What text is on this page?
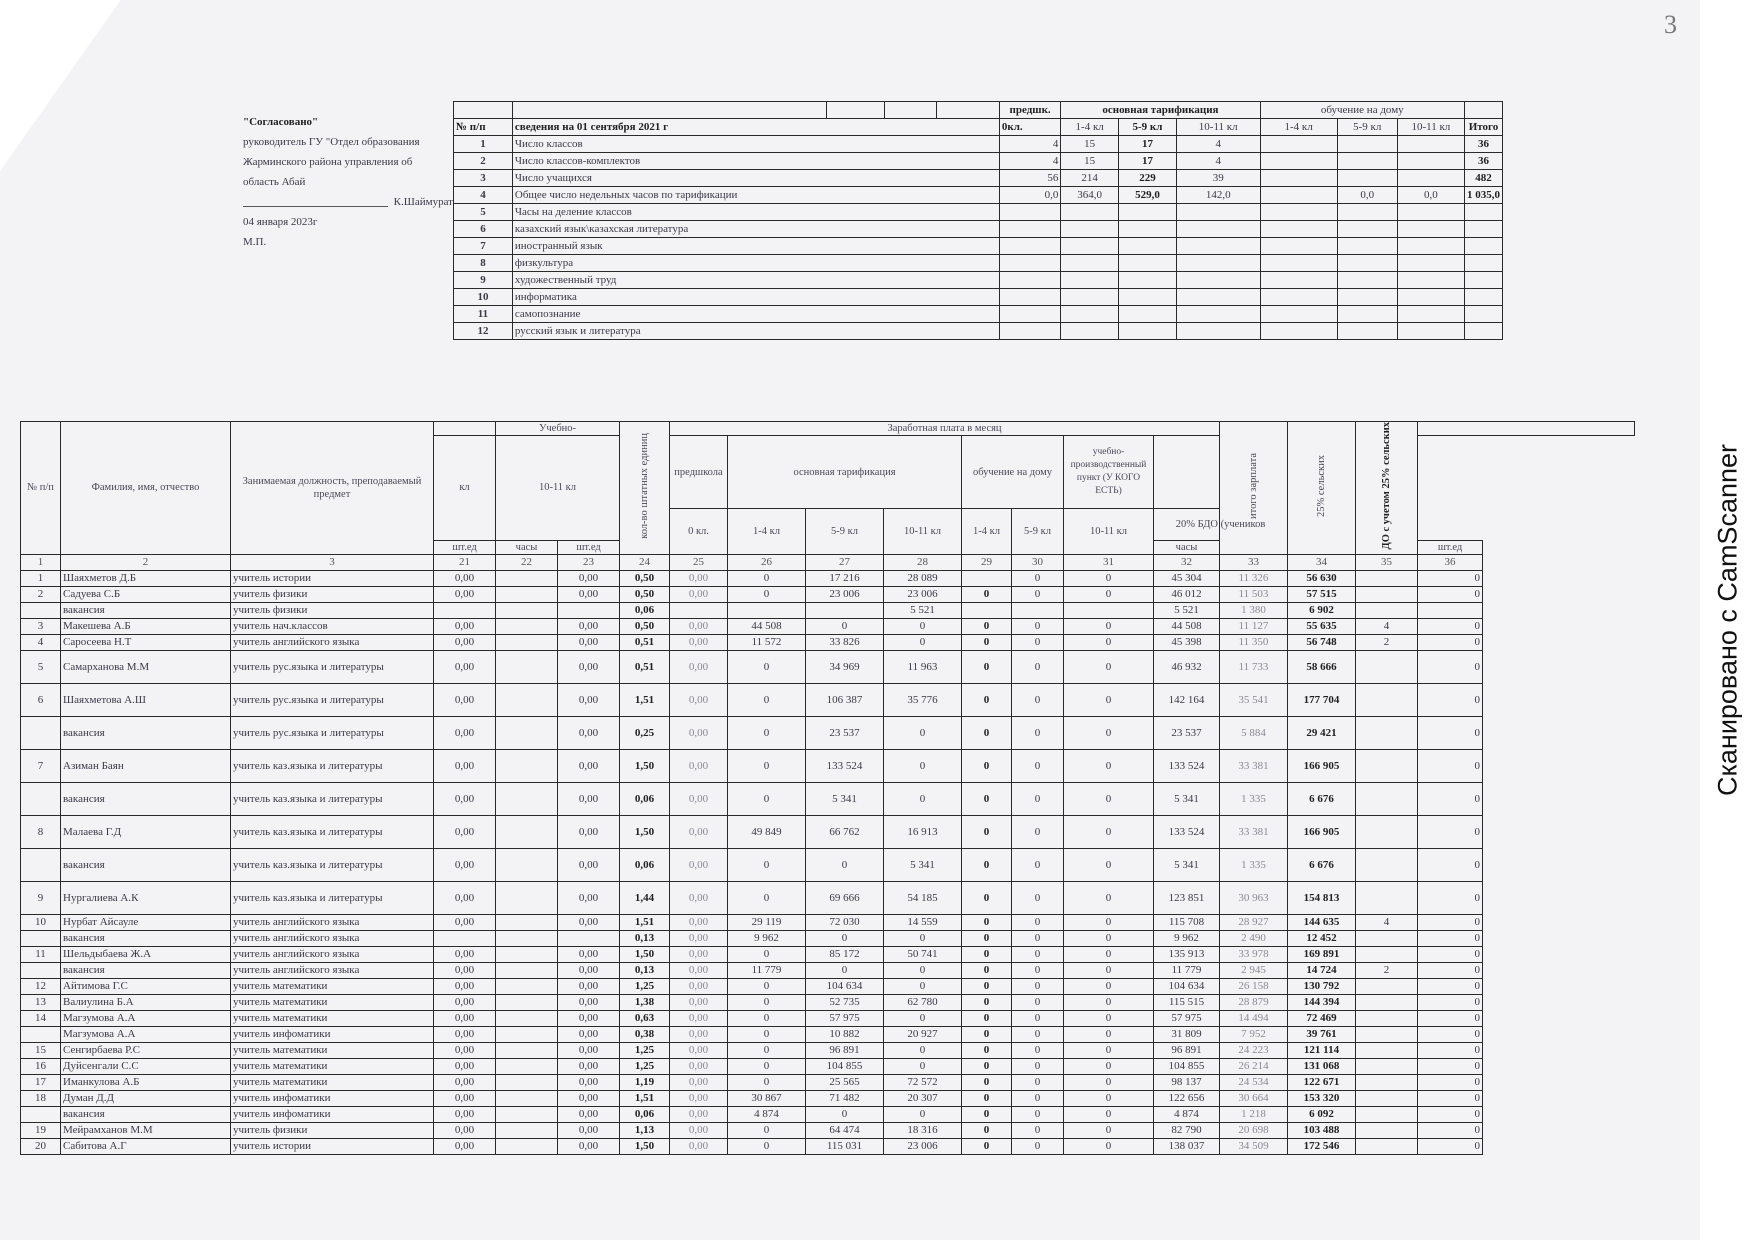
"Согласовано"
руководитель ГУ "Отдел образования
Жарминского района управления об
область Абай
К.Шаймурат
04 января 2023г
М.П.
					предшк.	основная тарификация			обучение на дому			
№ п/п	сведения на 01 сентября 2021 г				0кл.	1-4 кл	5-9 кл	10-11 кл	1-4 кл	5-9 кл	10-11 кл	Итого
1	Число классов				4	15	17	4				36
2	Число классов-комплектов				4	15	17	4				36
3	Число учащихся				56	214	229	39				482
4	Общее число недельных часов по тарификации				0,0	364,0	529,0	142,0		0,0	0,0	1 035,0
5	Часы на деление классов											
6	казахский язык\казахская литература											
7	иностранный язык											
8	физкультура											
9	художественный труд											
10	информатика											
11	самопознание											
12	русский язык и литература											
№ п/п	Фамилия, имя, отчество	Занимаемая должность, преподаваемый предмет		Учебно-		кол-во штатных единиц	Заработная плата в месяц								итого зарплата	25% сельских	ДО с учетом 25% сельских	
			кл	10-11 кл			предшкола	основная тарификация			обучение на дому		учебно-производственный пункт (У КОГО ЕСТЬ)					
							0 кл.	1-4 кл	5-9 кл	10-11 кл	1-4 кл	5-9 кл	10-11 кл	20% БДО (учеников				
			шт.ед	часы	шт.ед									часы				шт.ед
1	2	3	21	22	23	24	25	26	27	28	29	30	31	32	33	34	35	36
1	Шаяхметов Д.Б	учитель истории	0,00		0,00	0,50	0,00	0	17 216	28 089		0	0	45 304	11 326	56 630		0
2	Садуева С.Б	учитель физики	0,00		0,00	0,50	0,00	0	23 006	23 006	0	0	0	46 012	11 503	57 515		0
	вакансия	учитель физики				0,06				5 521				5 521	1 380	6 902		
3	Макешева А.Б	учитель нач.классов	0,00		0,00	0,50	0,00	44 508	0	0	0	0	0	44 508	11 127	55 635	4	0
4	Саросеева Н.Т	учитель английского языка	0,00		0,00	0,51	0,00	11 572	33 826	0	0	0	0	45 398	11 350	56 748	2	0
5	Самарханова М.М	учитель рус.языка и литературы	0,00		0,00	0,51	0,00	0	34 969	11 963	0	0	0	46 932	11 733	58 666		0
6	Шаяхметова А.Ш	учитель рус.языка и литературы	0,00		0,00	1,51	0,00	0	106 387	35 776	0	0	0	142 164	35 541	177 704		0
	вакансия	учитель рус.языка и литературы	0,00		0,00	0,25	0,00	0	23 537	0	0	0	0	23 537	5 884	29 421		0
7	Азиман Баян	учитель каз.языка и литературы	0,00		0,00	1,50	0,00	0	133 524	0	0	0	0	133 524	33 381	166 905		0
	вакансия	учитель каз.языка и литературы	0,00		0,00	0,06	0,00	0	5 341	0	0	0	0	5 341	1 335	6 676		0
8	Малаева Г.Д	учитель каз.языка и литературы	0,00		0,00	1,50	0,00	49 849	66 762	16 913	0	0	0	133 524	33 381	166 905		0
	вакансия	учитель каз.языка и литературы	0,00		0,00	0,06	0,00	0	0	5 341	0	0	0	5 341	1 335	6 676		0
9	Нургалиева А.К	учитель каз.языка и литературы	0,00		0,00	1,44	0,00	0	69 666	54 185	0	0	0	123 851	30 963	154 813		0
10	Нурбат Айсауле	учитель английского языка	0,00		0,00	1,51	0,00	29 119	72 030	14 559	0	0	0	115 708	28 927	144 635	4	0
	вакансия	учитель английского языка				0,13	0,00	9 962	0	0	0	0	0	9 962	2 490	12 452		0
11	Шельдыбаева Ж.А	учитель английского языка	0,00		0,00	1,50	0,00	0	85 172	50 741	0	0	0	135 913	33 978	169 891		0
	вакансия	учитель английского языка	0,00		0,00	0,13	0,00	11 779	0	0	0	0	0	11 779	2 945	14 724	2	0
12	Айтимова Г.С	учитель математики	0,00		0,00	1,25	0,00	0	104 634	0	0	0	0	104 634	26 158	130 792		0
13	Валиулина Б.А	учитель математики	0,00		0,00	1,38	0,00	0	52 735	62 780	0	0	0	115 515	28 879	144 394		0
14	Магзумова А.А	учитель математики	0,00		0,00	0,63	0,00	0	57 975	0	0	0	0	57 975	14 494	72 469		0
	Магзумова А.А	учитель инфоматики	0,00		0,00	0,38	0,00	0	10 882	20 927	0	0	0	31 809	7 952	39 761		0
15	Сенгирбаева Р.С	учитель математики	0,00		0,00	1,25	0,00	0	96 891	0	0	0	0	96 891	24 223	121 114		0
16	Дуйсенгали С.С	учитель математики	0,00		0,00	1,25	0,00	0	104 855	0	0	0	0	104 855	26 214	131 068		0
17	Иманкулова А.Б	учитель математики	0,00		0,00	1,19	0,00	0	25 565	72 572	0	0	0	98 137	24 534	122 671		0
18	Думан Д.Д	учитель инфоматики	0,00		0,00	1,51	0,00	30 867	71 482	20 307	0	0	0	122 656	30 664	153 320		0
	вакансия	учитель инфоматики	0,00		0,00	0,06	0,00	4 874	0	0	0	0	0	4 874	1 218	6 092		0
19	Мейрамханов М.М	учитель физики	0,00		0,00	1,13	0,00	0	64 474	18 316	0	0	0	82 790	20 698	103 488		0
20	Сабитова А.Г	учитель истории	0,00		0,00	1,50	0,00	0	115 031	23 006	0	0	0	138 037	34 509	172 546		0
3
Сканировано с CamScanner
